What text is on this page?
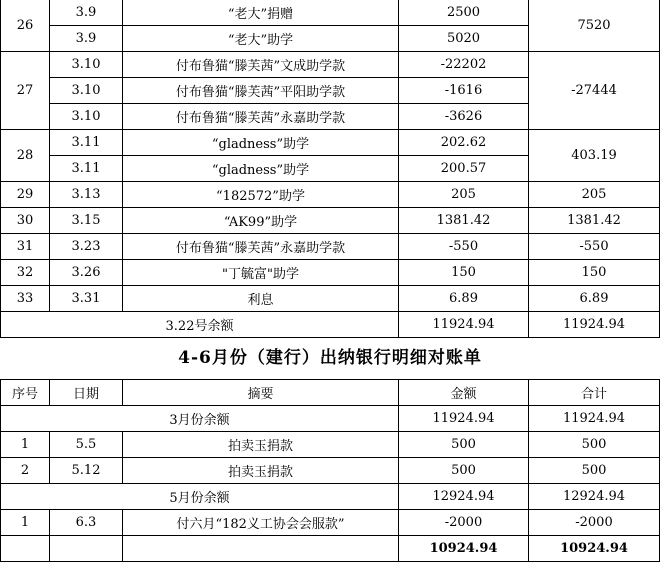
26	3.9	“老大”捐赠	2500	7520
	3.9	“老大”助学	5020	
27	3.10	付布鲁猫“滕芙茜”文成助学款	-22202	-27444
	3.10	付布鲁猫“滕芙茜”平阳助学款	-1616	
	3.10	付布鲁猫“滕芙茜”永嘉助学款	-3626	
28	3.11	“gladness”助学	202.62	403.19
	3.11	“gladness”助学	200.57	
29	3.13	“182572”助学	205	205
30	3.15	“AK99”助学	1381.42	1381.42
31	3.23	付布鲁猫“滕芙茜”永嘉助学款	-550	-550
32	3.26	"丁毓富"助学	150	150
33	3.31	利息	6.89	6.89
3.22号余额			11924.94	11924.94
4-6月份（建行）出纳银行明细对账单
序号	日期	摘要	金额	合计
3月份余额			11924.94	11924.94
1	5.5	拍卖玉捐款	500	500
2	5.12	拍卖玉捐款	500	500
5月份余额			12924.94	12924.94
1	6.3	付六月“182义工协会会服款”	-2000	-2000
			10924.94	10924.94
